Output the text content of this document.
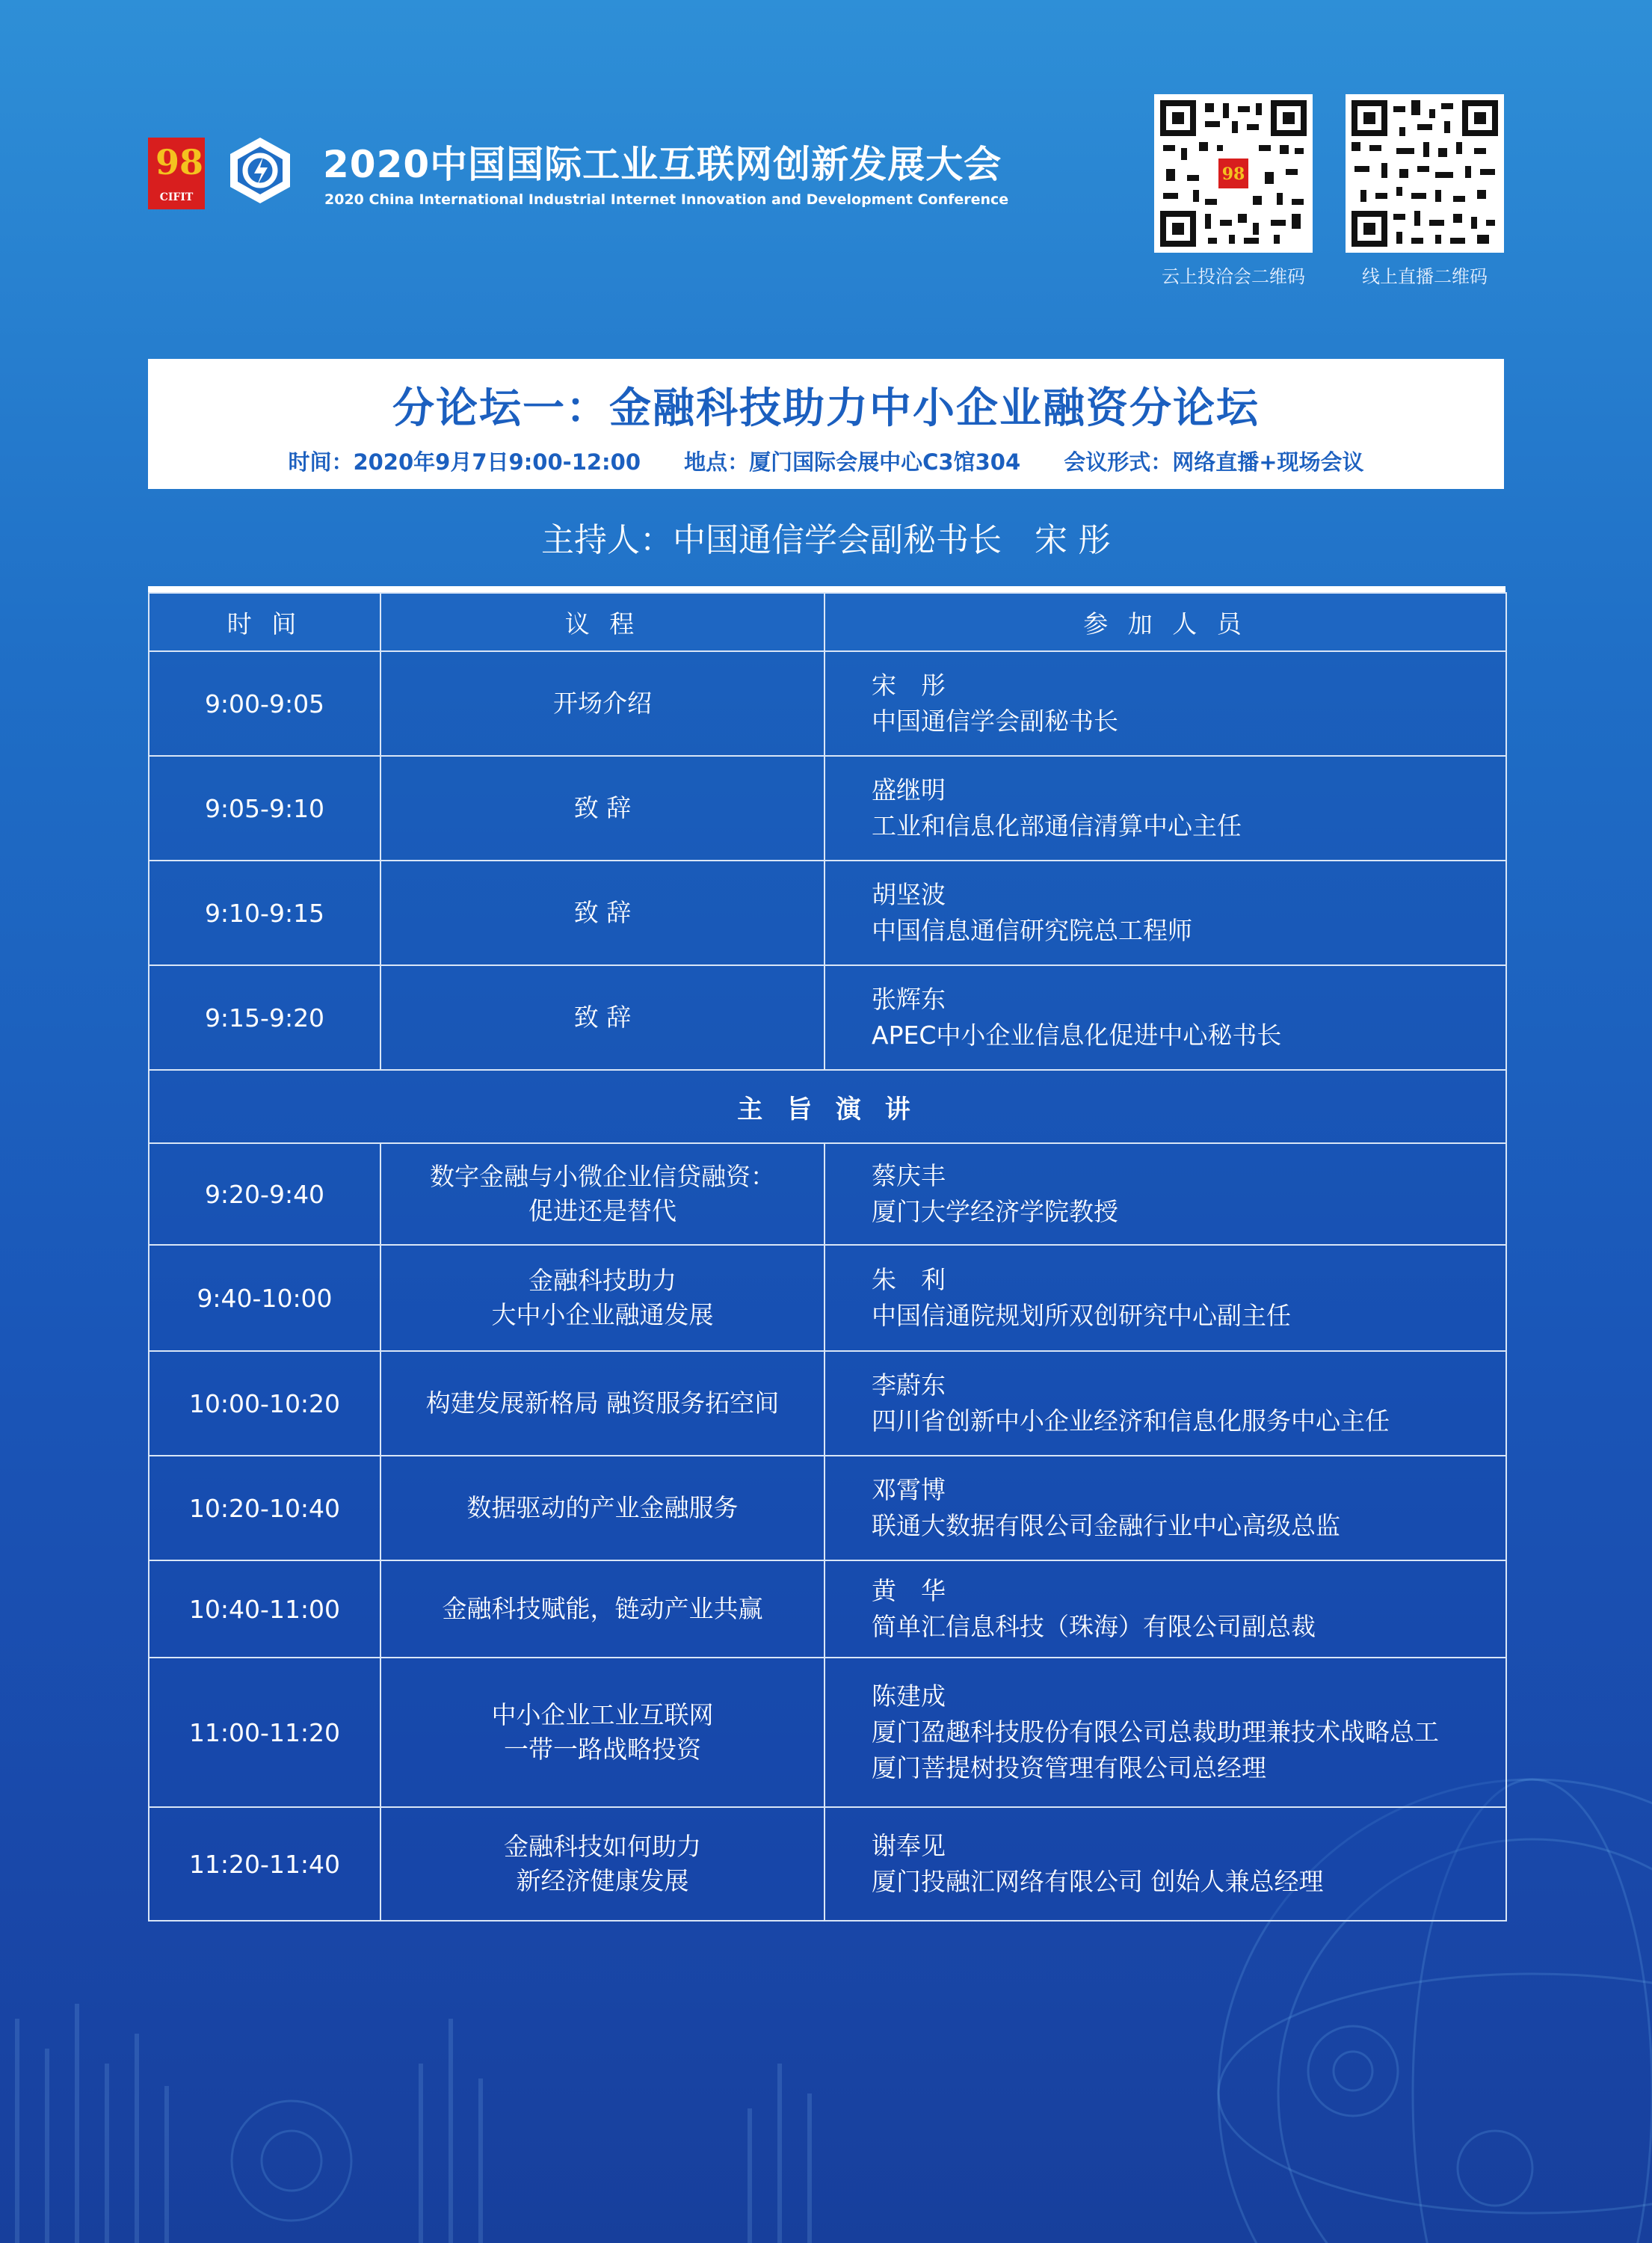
98
CIFIT
2020中国国际工业互联网创新发展大会
2020 China International Industrial Internet Innovation and Development Conference
98
云上投洽会二维码	线上直播二维码
分论坛一：金融科技助力中小企业融资分论坛
时间：2020年9月7日9:00-12:00 地点：厦门国际会展中心C3馆304 会议形式：网络直播+现场会议
主持人：中国通信学会副秘书长　宋 彤
时 间	议 程	参 加 人 员
9:00-9:05	开场介绍	宋　彤
中国通信学会副秘书长

9:05-9:10	致 辞	盛继明
工业和信息化部通信清算中心主任

9:10-9:15	致 辞	胡坚波
中国信息通信研究院总工程师

9:15-9:20	致 辞	张辉东
APEC中小企业信息化促进中心秘书长

主 旨 演 讲		
9:20-9:40	数字金融与小微企业信贷融资：
促进还是替代	蔡庆丰
厦门大学经济学院教授

9:40-10:00	金融科技助力
大中小企业融通发展	朱　利
中国信通院规划所双创研究中心副主任

10:00-10:20	构建发展新格局 融资服务拓空间	李蔚东
四川省创新中小企业经济和信息化服务中心主任

10:20-10:40	数据驱动的产业金融服务	邓霄博
联通大数据有限公司金融行业中心高级总监

10:40-11:00	金融科技赋能，链动产业共赢	黄　华
简单汇信息科技（珠海）有限公司副总裁

11:00-11:20	中小企业工业互联网
一带一路战略投资	陈建成
厦门盈趣科技股份有限公司总裁助理兼技术战略总工
厦门菩提树投资管理有限公司总经理

11:20-11:40	金融科技如何助力
新经济健康发展	谢奉见
厦门投融汇网络有限公司 创始人兼总经理
